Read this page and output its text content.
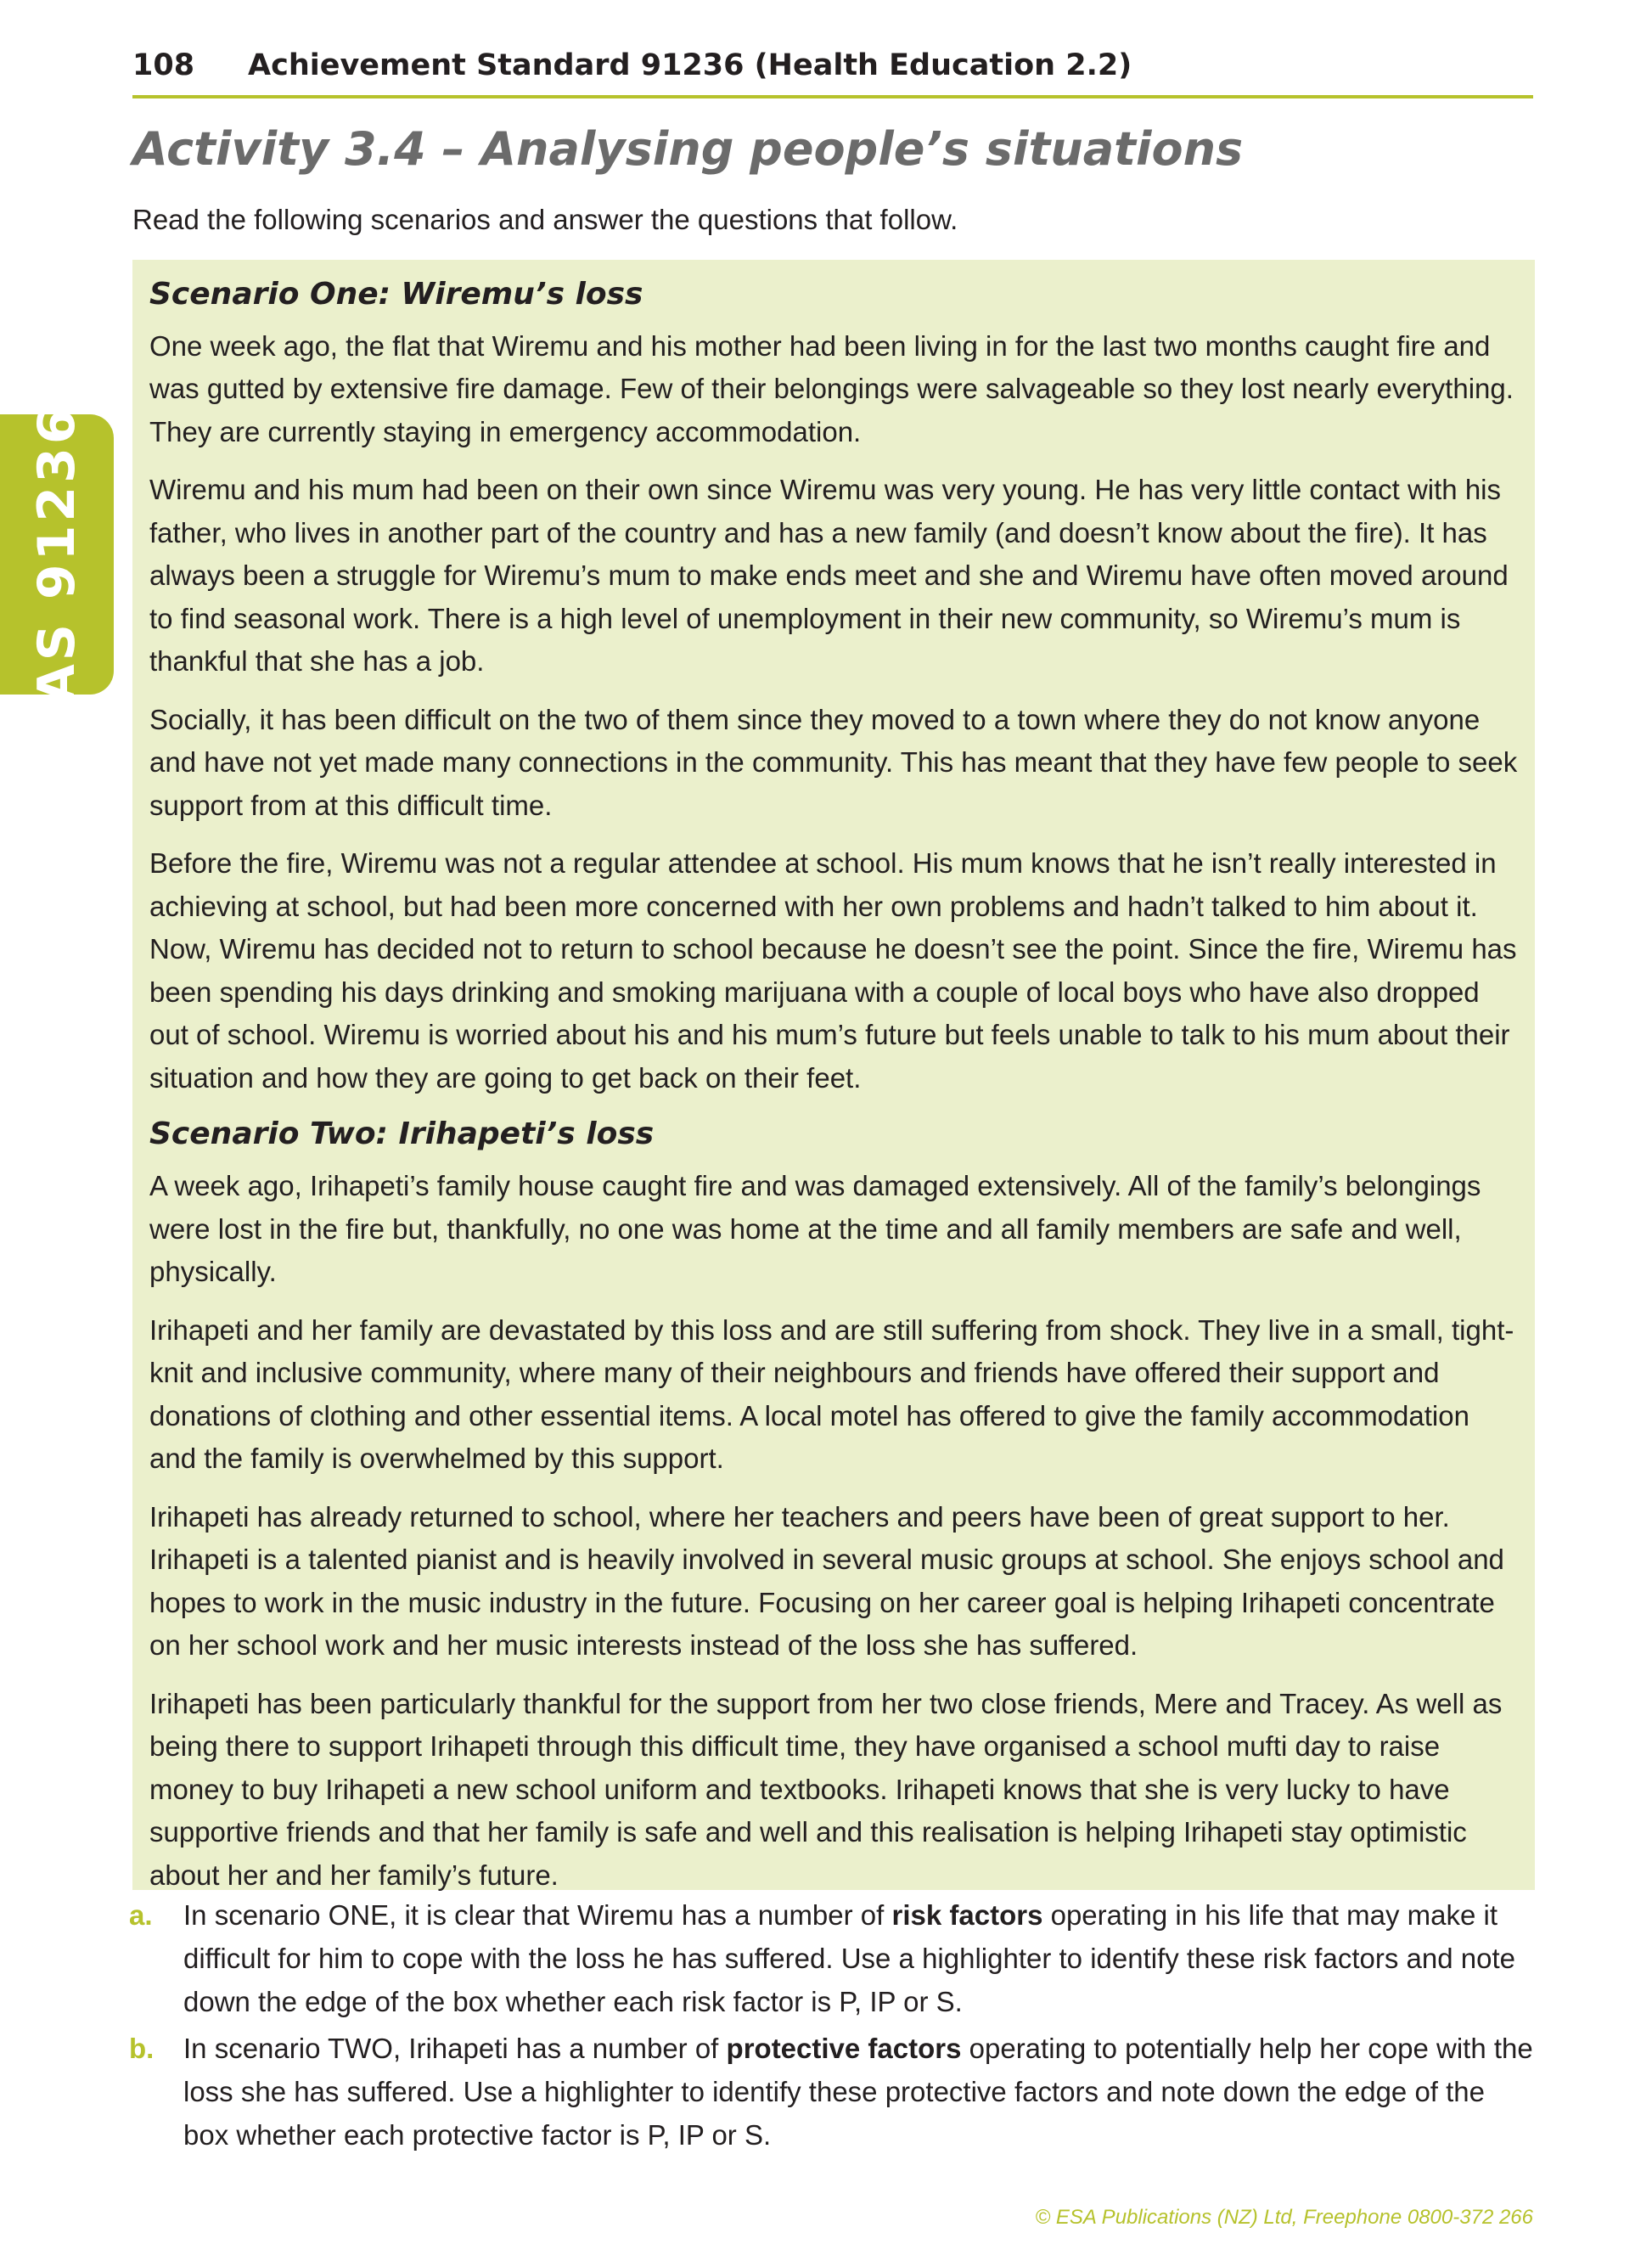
108	Achievement Standard 91236 (Health Education 2.2)
AS 91236
Activity 3.4 – Analysing people’s situations

Read the following scenarios and answer the questions that follow.

Scenario One: Wiremu’s loss

One week ago, the flat that Wiremu and his mother had been living in for the last two months caught fire and was gutted by extensive fire damage. Few of their belongings were salvageable so they lost nearly everything. They are currently staying in emergency accommodation.

Wiremu and his mum had been on their own since Wiremu was very young. He has very little contact with his father, who lives in another part of the country and has a new family (and doesn’t know about the fire). It has always been a struggle for Wiremu’s mum to make ends meet and she and Wiremu have often moved around to find seasonal work. There is a high level of unemployment in their new community, so Wiremu’s mum is thankful that she has a job.

Socially, it has been difficult on the two of them since they moved to a town where they do not know anyone and have not yet made many connections in the community. This has meant that they have few people to seek support from at this difficult time.

Before the fire, Wiremu was not a regular attendee at school. His mum knows that he isn’t really interested in achieving at school, but had been more concerned with her own problems and hadn’t talked to him about it. Now, Wiremu has decided not to return to school because he doesn’t see the point. Since the fire, Wiremu has been spending his days drinking and smoking marijuana with a couple of local boys who have also dropped out of school. Wiremu is worried about his and his mum’s future but feels unable to talk to his mum about their situation and how they are going to get back on their feet.

Scenario Two: Irihapeti’s loss

A week ago, Irihapeti’s family house caught fire and was damaged extensively. All of the family’s belongings were lost in the fire but, thankfully, no one was home at the time and all family members are safe and well, physically.

Irihapeti and her family are devastated by this loss and are still suffering from shock. They live in a small, tight-knit and inclusive community, where many of their neighbours and friends have offered their support and donations of clothing and other essential items. A local motel has offered to give the family accommodation and the family is overwhelmed by this support.

Irihapeti has already returned to school, where her teachers and peers have been of great support to her. Irihapeti is a talented pianist and is heavily involved in several music groups at school. She enjoys school and hopes to work in the music industry in the future. Focusing on her career goal is helping Irihapeti concentrate on her school work and her music interests instead of the loss she has suffered.

Irihapeti has been particularly thankful for the support from her two close friends, Mere and Tracey. As well as being there to support Irihapeti through this difficult time, they have organised a school mufti day to raise money to buy Irihapeti a new school uniform and textbooks. Irihapeti knows that she is very lucky to have supportive friends and that her family is safe and well and this realisation is helping Irihapeti stay optimistic about her and her family’s future.

a.	In scenario ONE, it is clear that Wiremu has a number of risk factors operating in his life that may make it difficult for him to cope with the loss he has suffered. Use a highlighter to identify these risk factors and note down the edge of the box whether each risk factor is P, IP or S.
b.	In scenario TWO, Irihapeti has a number of protective factors operating to potentially help her cope with the loss she has suffered. Use a highlighter to identify these protective factors and note down the edge of the box whether each protective factor is P, IP or S.
© ESA Publications (NZ) Ltd, Freephone 0800-372 266
